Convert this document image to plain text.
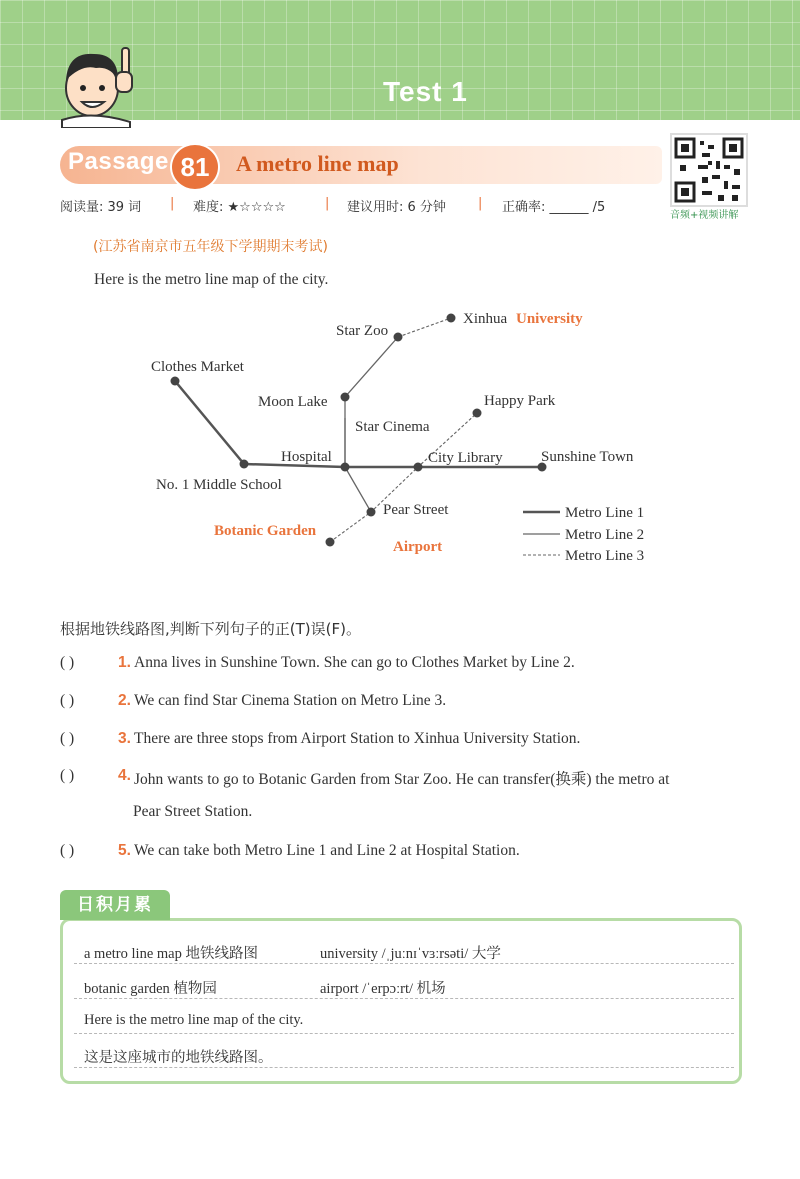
Test 1
Passage 81	A metro line map
音频+视频讲解
阅读量: 39 词 | 难度: ★☆☆☆☆	| 建议用时: 6 分钟 | 正确率: ______ /5
(江苏省南京市五年级下学期期末考试)
Here is the metro line map of the city.
Xinhua University
Star Zoo
Clothes Market
Moon Lake	Happy Park
Star Cinema
Hospital	City Library	Sunshine Town
No. 1 Middle School
Pear Street
Botanic Garden
Airport
Metro Line 1
Metro Line 2
Metro Line 3
根据地铁线路图,判断下列句子的正(T)误(F)。
( )	1. Anna lives in Sunshine Town. She can go to Clothes Market by Line 2.
( )	2. We can find Star Cinema Station on Metro Line 3.
( )	3. There are three stops from Airport Station to Xinhua University Station.
( )	4. John wants to go to Botanic Garden from Star Zoo. He can transfer(换乘) the metro at
Pear Street Station.
( )	5. We can take both Metro Line 1 and Line 2 at Hospital Station.
日积月累
a metro line map 地铁线路图	university /ˌjuːnɪˈvɜːrsəti/ 大学
botanic garden 植物园	airport /ˈerpɔːrt/ 机场
Here is the metro line map of the city.
这是这座城市的地铁线路图。
